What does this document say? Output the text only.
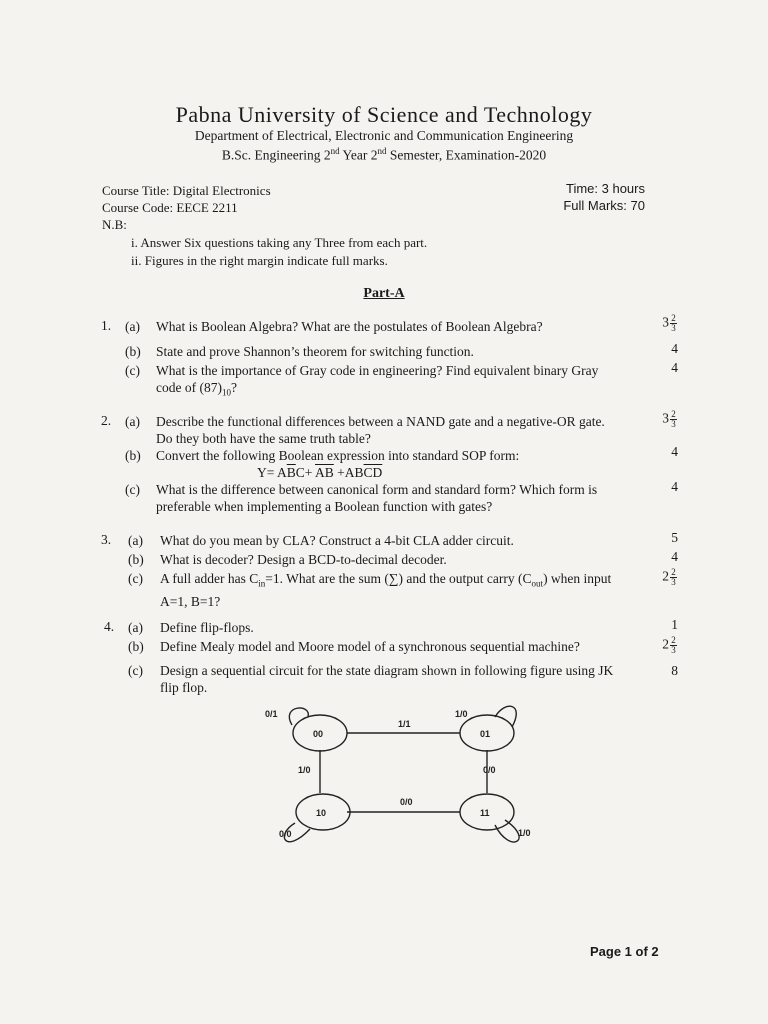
Pabna University of Science and Technology
Department of Electrical, Electronic and Communication Engineering
B.Sc. Engineering 2nd Year 2nd Semester, Examination-2020
Course Title: Digital Electronics
Course Code: EECE 2211
N.B:
Time: 3 hours
Full Marks: 70
i. Answer Six questions taking any Three from each part.
ii. Figures in the right margin indicate full marks.
Part-A
1. (a) What is Boolean Algebra? What are the postulates of Boolean Algebra?	$3 \frac{2}{3}$
(b) State and prove Shannon’s theorem for switching function.	4
(c) What is the importance of Gray code in engineering? Find equivalent binary Gray
code of $(87)_{10}$?
4
2. (a) Describe the functional differences between a NAND gate and a negative-OR gate.
Do they both have the same truth table?
$3 \frac{2}{3}$
(b) Convert the following Boolean expression into standard SOP form:	4
$Y= A\overline{B}C+ \overline{AB} +AB\overline{CD}$
(c) What is the difference between canonical form and standard form? Which form is
preferable when implementing a Boolean function with gates?
4
3. (a) What do you mean by CLA? Construct a 4-bit CLA adder circuit.	5
(b) What is decoder? Design a BCD-to-decimal decoder.	4
(c) A full adder has $C_{in}=1$. What are the sum (∑) and the output carry $(C_{out})$ when input
A=1, B=1?
$2 \frac{2}{3}$
4. (a) Define flip-flops.	1
(b) Define Mealy model and Moore model of a synchronous sequential machine?	$2 \frac{2}{3}$
(c) Design a sequential circuit for the state diagram shown in following figure using JK
flip flop.
8
00	01
10	11
0/1	1/0
0/0	1/0
1/1
1/0	0/0
0/0
Page 1 of 2
